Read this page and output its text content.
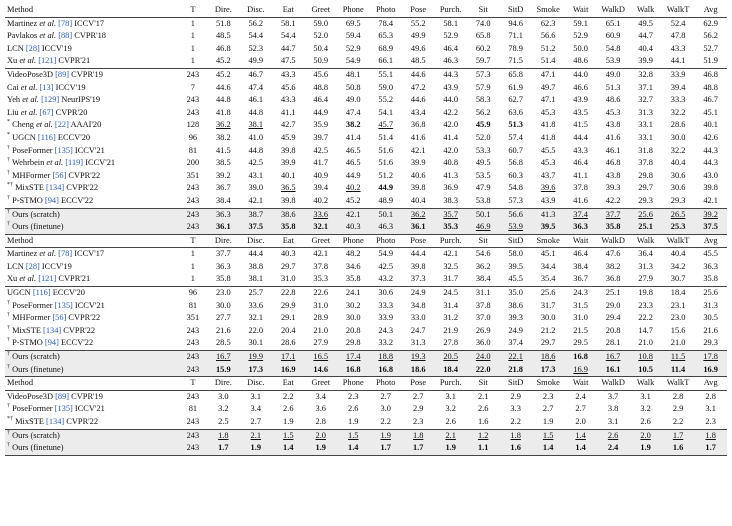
Method	T	Dire.	Disc.	Eat	Greet	Phone	Photo	Pose	Purch.	Sit	SitD	Smoke	Wait	WalkD	Walk	WalkT	Avg
Martinez et al. [78] ICCV'17	1	51.8	56.2	58.1	59.0	69.5	78.4	55.2	58.1	74.0	94.6	62.3	59.1	65.1	49.5	52.4	62.9
Pavlakos et al. [88] CVPR'18	1	48.5	54.4	54.4	52.0	59.4	65.3	49.9	52.9	65.8	71.1	56.6	52.9	60.9	44.7	47.8	56.2
LCN [28] ICCV'19	1	46.8	52.3	44.7	50.4	52.9	68.9	49.6	46.4	60.2	78.9	51.2	50.0	54.8	40.4	43.3	52.7
Xu et al. [121] CVPR'21	1	45.2	49.9	47.5	50.9	54.9	66.1	48.5	46.3	59.7	71.5	51.4	48.6	53.9	39.9	44.1	51.9
VideoPose3D [89] CVPR'19	243	45.2	46.7	43.3	45.6	48.1	55.1	44.6	44.3	57.3	65.8	47.1	44.0	49.0	32.8	33.9	46.8
Cai et al. [13] ICCV'19	7	44.6	47.4	45.6	48.8	50.8	59.0	47.2	43.9	57.9	61.9	49.7	46.6	51.3	37.1	39.4	48.8
Yeh et al. [129] NeurIPS'19	243	44.8	46.1	43.3	46.4	49.0	55.2	44.6	44.0	58.3	62.7	47.1	43.9	48.6	32.7	33.3	46.7
Liu et al. [67] CVPR'20	243	41.8	44.8	41.1	44.9	47.4	54.1	43.4	42.2	56.2	63.6	45.3	43.5	45.3	31.3	32.2	45.1
* Cheng et al. [22] AAAI'20	128	36.2	38.1	42.7	35.9	38.2	45.7	36.8	42.0	45.9	51.3	41.8	41.5	43.8	33.1	28.6	40.1
* UGCN [116] ECCV'20	96	38.2	41.0	45.9	39.7	41.4	51.4	41.6	41.4	52.0	57.4	41.8	44.4	41.6	33.1	30.0	42.6
† PoseFormer [135] ICCV'21	81	41.5	44.8	39.8	42.5	46.5	51.6	42.1	42.0	53.3	60.7	45.5	43.3	46.1	31.8	32.2	44.3
† Wehrbein et al. [119] ICCV'21	200	38.5	42.5	39.9	41.7	46.5	51.6	39.9	40.8	49.5	56.8	45.3	46.4	46.8	37.8	40.4	44.3
† MHFormer [56] CVPR'22	351	39.2	43.1	40.1	40.9	44.9	51.2	40.6	41.3	53.5	60.3	43.7	41.1	43.8	29.8	30.6	43.0
*† MixSTE [134] CVPR'22	243	36.7	39.0	36.5	39.4	40.2	44.9	39.8	36.9	47.9	54.8	39.6	37.8	39.3	29.7	30.6	39.8
† P-STMO [94] ECCV'22	243	38.4	42.1	39.8	40.2	45.2	48.9	40.4	38.3	53.8	57.3	43.9	41.6	42.2	29.3	29.3	42.1
† Ours (scratch)	243	36.3	38.7	38.6	33.6	42.1	50.1	36.2	35.7	50.1	56.6	41.3	37.4	37.7	25.6	26.5	39.2
† Ours (finetune)	243	36.1	37.5	35.8	32.1	40.3	46.3	36.1	35.3	46.9	53.9	39.5	36.3	35.8	25.1	25.3	37.5
Method	T	Dire.	Disc.	Eat	Greet	Phone	Photo	Pose	Purch.	Sit	SitD	Smoke	Wait	WalkD	Walk	WalkT	Avg
Martinez et al. [78] ICCV'17	1	37.7	44.4	40.3	42.1	48.2	54.9	44.4	42.1	54.6	58.0	45.1	46.4	47.6	36.4	40.4	45.5
LCN [28] ICCV'19	1	36.3	38.8	29.7	37.8	34.6	42.5	39.8	32.5	36.2	39.5	34.4	38.4	38.2	31.3	34.2	36.3
Xu et al. [121] CVPR'21	1	35.8	38.1	31.0	35.3	35.8	43.2	37.3	31.7	38.4	45.5	35.4	36.7	36.8	27.9	30.7	35.8
UGCN [116] ECCV'20	96	23.0	25.7	22.8	22.6	24.1	30.6	24.9	24.5	31.1	35.0	25.6	24.3	25.1	19.8	18.4	25.6
† PoseFormer [135] ICCV'21	81	30.0	33.6	29.9	31.0	30.2	33.3	34.8	31.4	37.8	38.6	31.7	31.5	29.0	23.3	23.1	31.3
† MHFormer [56] CVPR'22	351	27.7	32.1	29.1	28.9	30.0	33.9	33.0	31.2	37.0	39.3	30.0	31.0	29.4	22.2	23.0	30.5
† MixSTE [134] CVPR'22	243	21.6	22.0	20.4	21.0	20.8	24.3	24.7	21.9	26.9	24.9	21.2	21.5	20.8	14.7	15.6	21.6
† P-STMO [94] ECCV'22	243	28.5	30.1	28.6	27.9	29.8	33.2	31.3	27.8	36.0	37.4	29.7	29.5	28.1	21.0	21.0	29.3
† Ours (scratch)	243	16.7	19.9	17.1	16.5	17.4	18.8	19.3	20.5	24.0	22.1	18.6	16.8	16.7	10.8	11.5	17.8
† Ours (finetune)	243	15.9	17.3	16.9	14.6	16.8	16.8	18.6	18.4	22.0	21.8	17.3	16.9	16.1	10.5	11.4	16.9
Method	T	Dire.	Disc.	Eat	Greet	Phone	Photo	Pose	Purch.	Sit	SitD	Smoke	Wait	WalkD	Walk	WalkT	Avg
VideoPose3D [89] CVPR'19	243	3.0	3.1	2.2	3.4	2.3	2.7	2.7	3.1	2.1	2.9	2.3	2.4	3.7	3.1	2.8	2.8
† PoseFormer [135] ICCV'21	81	3.2	3.4	2.6	3.6	2.6	3.0	2.9	3.2	2.6	3.3	2.7	2.7	3.8	3.2	2.9	3.1
*† MixSTE [134] CVPR'22	243	2.5	2.7	1.9	2.8	1.9	2.2	2.3	2.6	1.6	2.2	1.9	2.0	3.1	2.6	2.2	2.3
† Ours (scratch)	243	1.8	2.1	1.5	2.0	1.5	1.9	1.8	2.1	1.2	1.8	1.5	1.4	2.6	2.0	1.7	1.8
† Ours (finetune)	243	1.7	1.9	1.4	1.9	1.4	1.7	1.7	1.9	1.1	1.6	1.4	1.4	2.4	1.9	1.6	1.7
